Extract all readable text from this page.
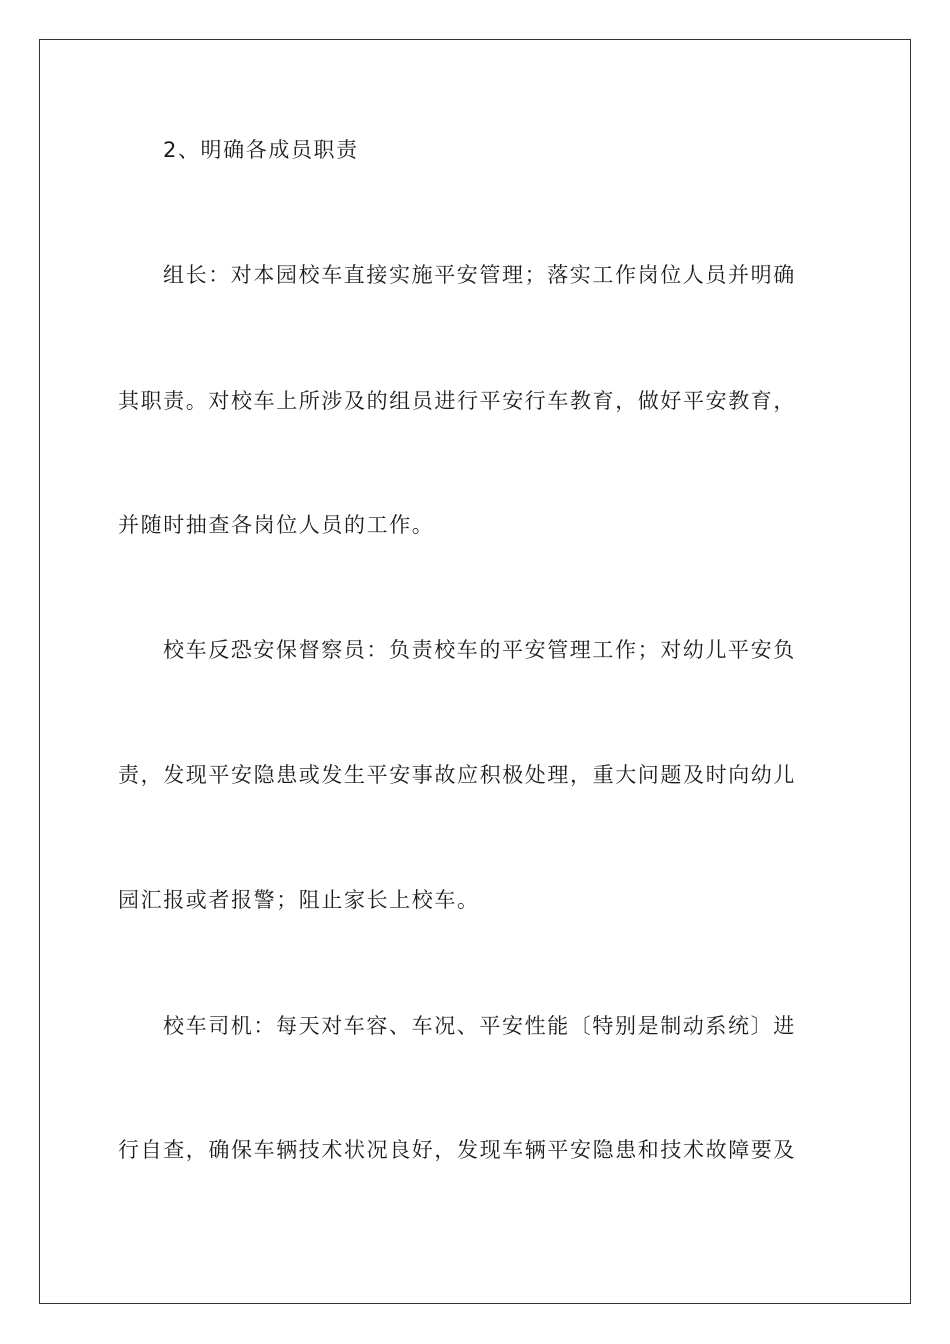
2、明确各成员职责
组长：对本园校车直接实施平安管理；落实工作岗位人员并明确
其职责。对校车上所涉及的组员进行平安行车教育，做好平安教育，
并随时抽查各岗位人员的工作。
校车反恐安保督察员：负责校车的平安管理工作；对幼儿平安负
责，发现平安隐患或发生平安事故应积极处理，重大问题及时向幼儿
园汇报或者报警；阻止家长上校车。
校车司机：每天对车容、车况、平安性能〔特别是制动系统〕进
行自查，确保车辆技术状况良好，发现车辆平安隐患和技术故障要及
